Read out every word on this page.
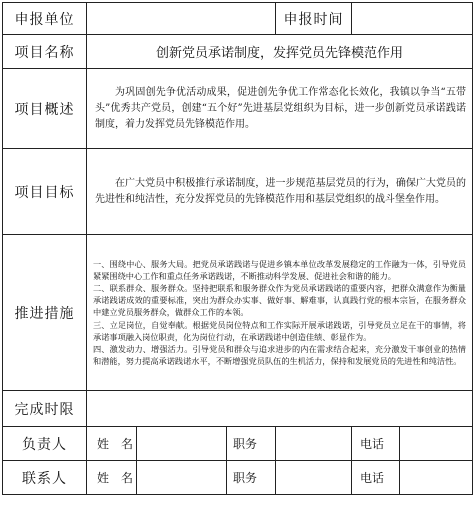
申报单位				申报时间		
项目名称	创新党员承诺制度，发挥党员先锋模范作用					
项目概述	为巩固创先争优活动成果，促进创先争优工作常态化长效化，我镇以争当“五带头”优秀共产党员，创建“五个好”先进基层党组织为目标，进一步创新党员承诺践诺制度，着力发挥党员先锋模范作用。					
项目目标	在广大党员中积极推行承诺制度，进一步规范基层党员的行为，确保广大党员的先进性和纯洁性，充分发挥党员的先锋模范作用和基层党组织的战斗堡垒作用。					
推进措施	一、围绕中心、服务大局。把党员承诺践诺与促进乡镇本单位改革发展稳定的工作融为一体，引导党员紧紧围绕中心工作和重点任务承诺践诺，不断推动科学发展、促进社会和谐的能力。
二、联系群众、服务群众。坚持把联系和服务群众作为党员承诺践诺的重要内容，把群众满意作为衡量承诺践诺成效的重要标准，突出为群众办实事、做好事、解难事，认真践行党的根本宗旨，在服务群众中建立党员服务群众，做群众工作的本领。
三、立足岗位，自觉奉献。根据党员岗位特点和工作实际开展承诺践诺，引导党员立足在干的事情，将承诺事项融入岗位职责，化为岗位行动，在承诺践诺中创造佳绩、彰显作为。
四、激发动力、增强活力。引导党员和群众与追求进步的内在需求结合起来，充分激发干事创业的热情和潜能，努力提高承诺践诺水平，不断增强党员队伍的生机活力，保持和发展党员的先进性和纯洁性。					

完成时限						
负责人	姓　名		职务		电话	
联系人	姓　名		职务		电话	
